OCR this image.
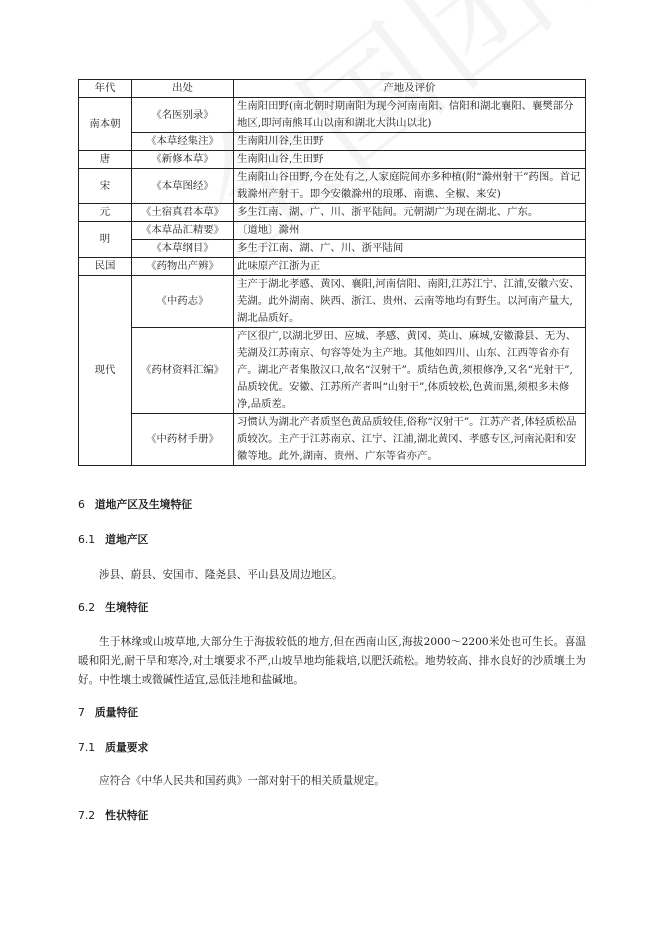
年代	出处	产地及评价
南本朝	《名医别录》	生南阳田野(南北朝时期南阳为现今河南南阳、信阳和湖北襄阳、襄樊部分地区,即河南熊耳山以南和湖北大洪山以北)
	《本草经集注》	生南阳川谷,生田野
唐	《新修本草》	生南阳山谷,生田野
宋	《本草图经》	生南阳山谷田野,今在处有之,人家庭院间亦多种植(附“滁州射干”药图。首记载滁州产射干。即今安徽滁州的琅琊、南谯、全椒、来安)
元	《土宿真君本草》	多生江南、湖、广、川、浙平陆间。元朝湖广为现在湖北、广东。
明	《本草品汇精要》	〔道地〕滁州
	《本草纲目》	多生于江南、湖、广、川、浙平陆间
民国	《药物出产辨》	此味原产江浙为正
现代	《中药志》	主产于湖北孝感、黄冈、襄阳,河南信阳、南阳,江苏江宁、江浦,安徽六安、芜湖。此外湖南、陕西、浙江、贵州、云南等地均有野生。以河南产量大,湖北品质好。
	《药材资料汇编》	产区很广,以湖北罗田、应城、孝感、黄冈、英山、麻城,安徽滁县、无为、芜湖及江苏南京、句容等处为主产地。其他如四川、山东、江西等省亦有产。湖北产者集散汉口,故名“汉射干”。质结色黄,须根修净,又名“光射干”,品质较优。安徽、江苏所产者叫“山射干”,体质较松,色黄而黑,须根多未修净,品质差。
	《中药材手册》	习惯认为湖北产者质坚色黄品质较佳,俗称“汉射干”。江苏产者,体轻质松品质较次。主产于江苏南京、江宁、江浦,湖北黄冈、孝感专区,河南沁阳和安徽等地。此外,湖南、贵州、广东等省亦产。
6 道地产区及生境特征
6.1 道地产区

涉县、蔚县、安国市、隆尧县、平山县及周边地区。

6.2 生境特征

生于林缘或山坡草地,大部分生于海拔较低的地方,但在西南山区,海拔2000～2200米处也可生长。喜温暖和阳光,耐干旱和寒冷,对土壤要求不严,山坡旱地均能栽培,以肥沃疏松。地势较高、排水良好的沙质壤土为好。中性壤土或微碱性适宜,忌低洼地和盐碱地。

7 质量特征
7.1 质量要求

应符合《中华人民共和国药典》一部对射干的相关质量规定。

7.2 性状特征
